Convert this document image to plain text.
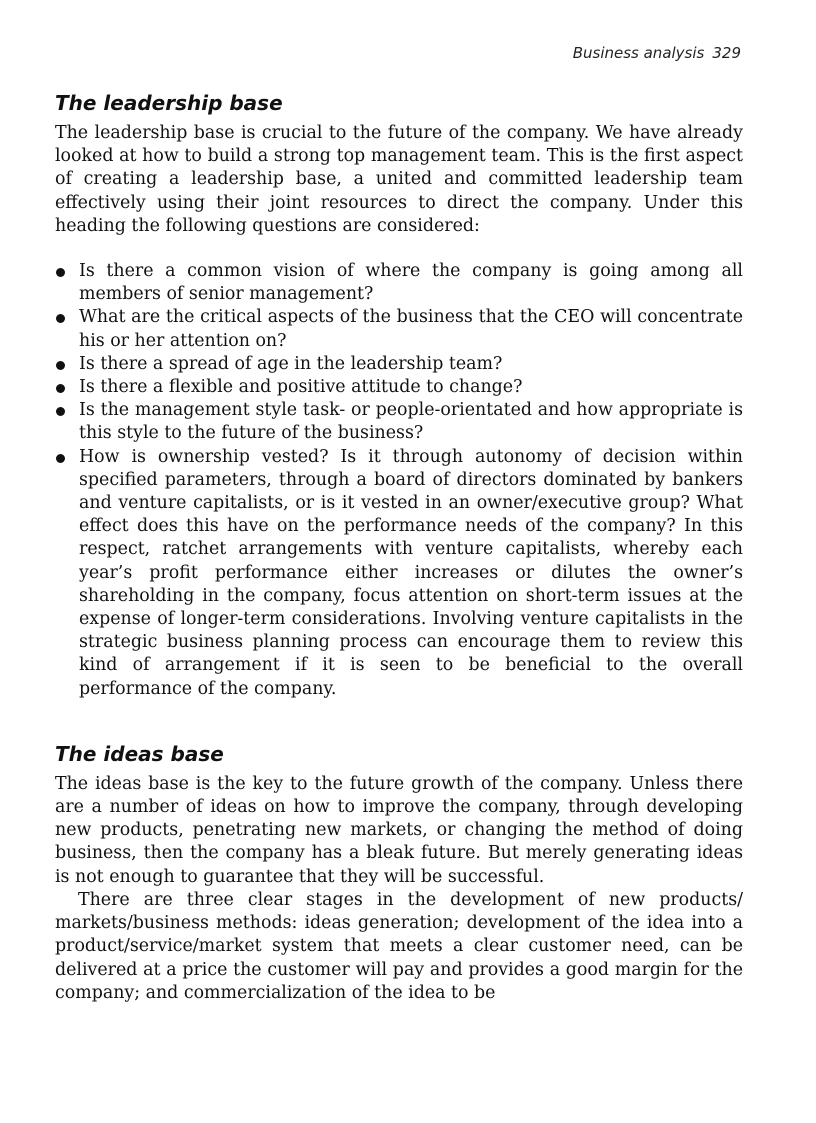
Business analysis 329
The leadership base

The leadership base is crucial to the future of the company. We have already looked at how to build a strong top management team. This is the first aspect of creating a leadership base, a united and committed leadership team effectively using their joint resources to direct the company. Under this heading the following questions are considered:

Is there a common vision of where the company is going among all members of senior management?
What are the critical aspects of the business that the CEO will concentrate his or her attention on?
Is there a spread of age in the leadership team?
Is there a flexible and positive attitude to change?
Is the management style task- or people-orientated and how appropriate is this style to the future of the business?
How is ownership vested? Is it through autonomy of decision within specified parameters, through a board of directors dominated by bankers and venture capitalists, or is it vested in an owner/executive group? What effect does this have on the performance needs of the company? In this respect, ratchet arrangements with venture capitalists, whereby each year’s profit performance either increases or dilutes the owner’s shareholding in the company, focus attention on short-term issues at the expense of longer-term considerations. Involving venture capitalists in the strategic business planning process can encourage them to review this kind of arrangement if it is seen to be beneficial to the overall performance of the company.
The ideas base

The ideas base is the key to the future growth of the company. Unless there are a number of ideas on how to improve the company, through developing new products, penetrating new markets, or changing the method of doing business, then the company has a bleak future. But merely generating ideas is not enough to guarantee that they will be successful.

There are three clear stages in the development of new products/ markets/business methods: ideas generation; development of the idea into a product/service/market system that meets a clear customer need, can be delivered at a price the customer will pay and provides a good margin for the company; and commercialization of the idea to be
